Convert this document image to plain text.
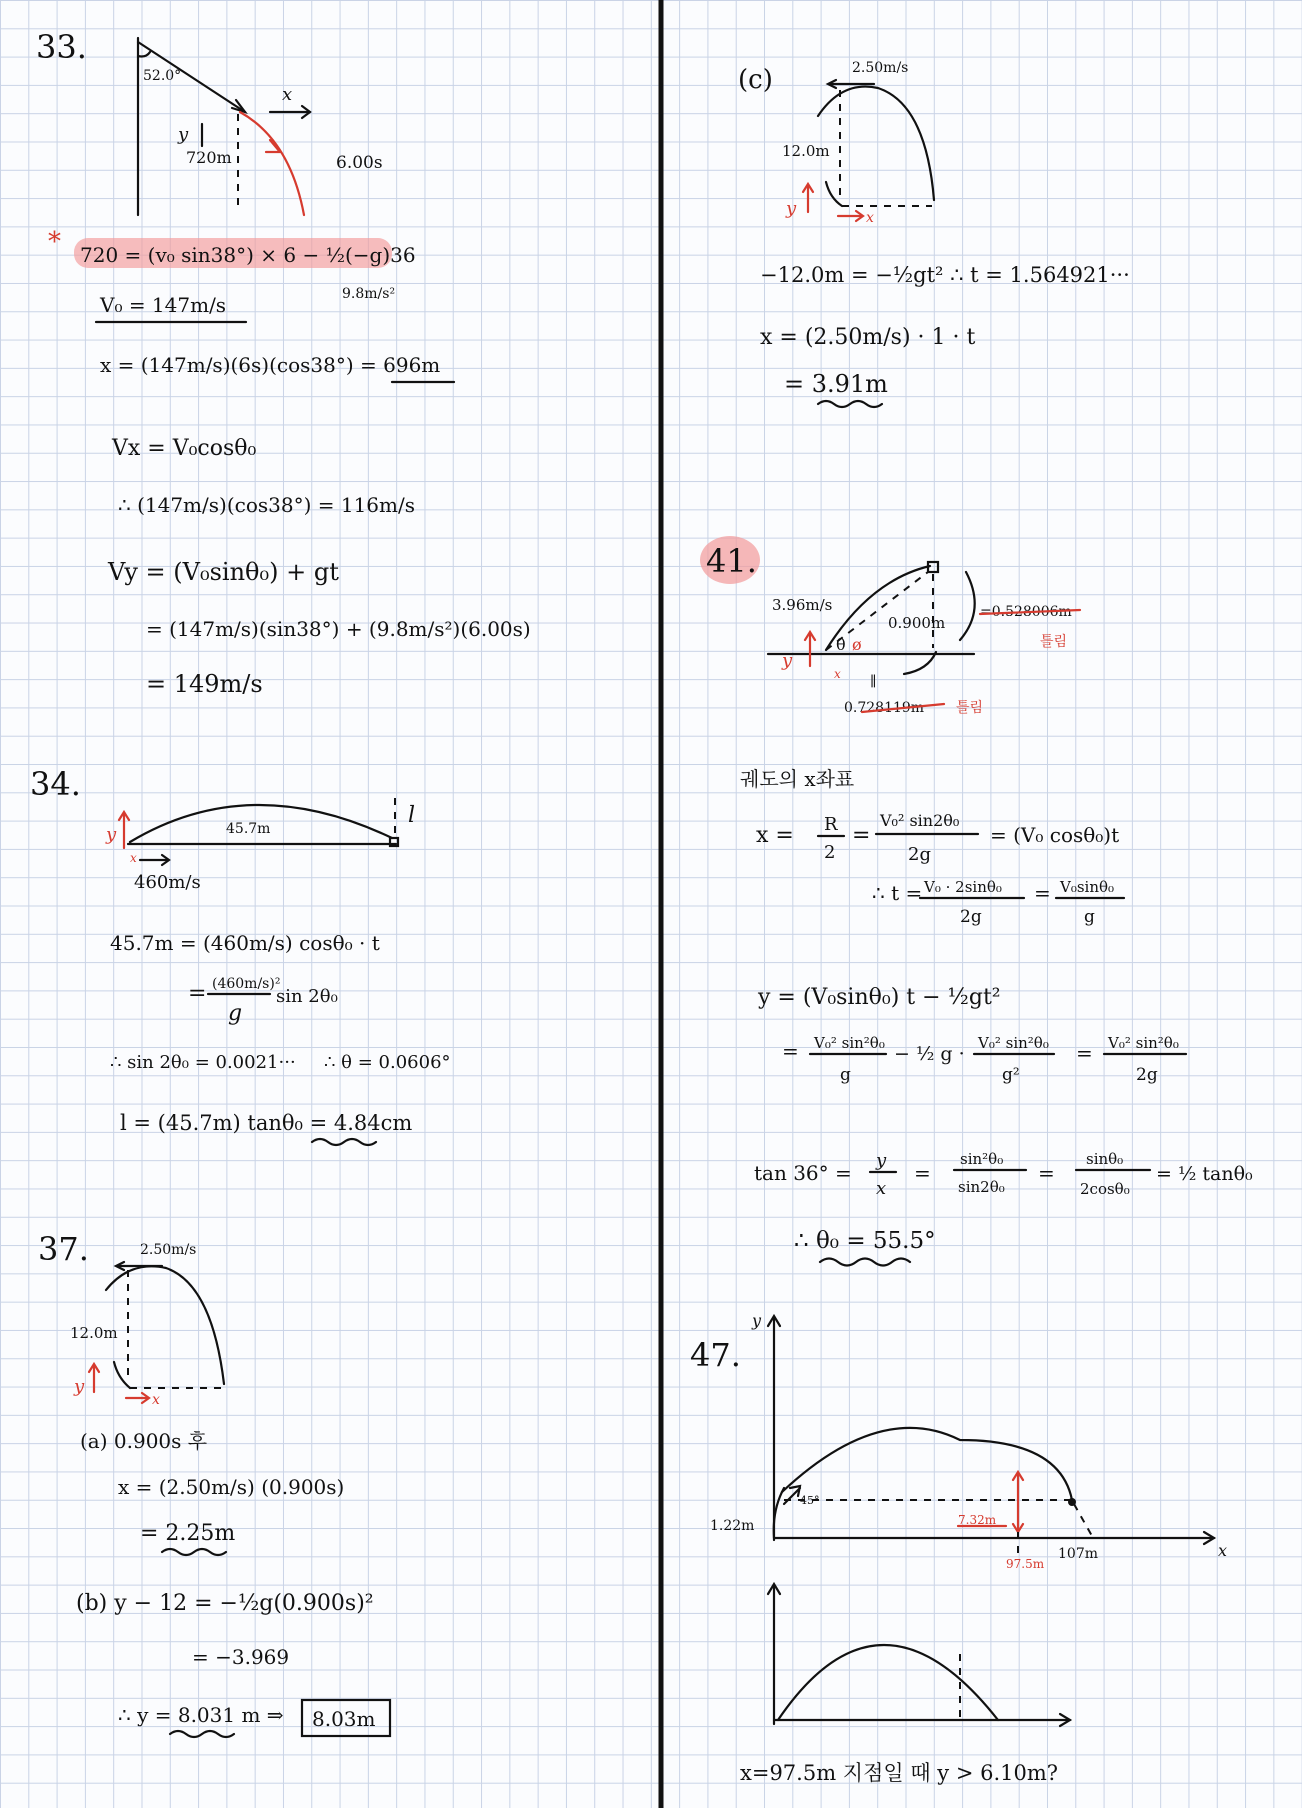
33.
52.0°
x
y
720m	6.00s
* 720 = (v₀ sin38°) × 6 − ½(−g)36
9.8m/s²
V₀ = 147m/s
x = (147m/s)(6s)(cos38°) = 696m
Vx = V₀cosθ₀
∴ (147m/s)(cos38°) = 116m/s
Vy = (V₀sinθ₀) + gt
= (147m/s)(sin38°) + (9.8m/s²)(6.00s)
= 149m/s
34.
l
45.7m
y
x
460m/s
45.7m = (460m/s) cosθ₀ · t
= (460m/s)²
g
sin 2θ₀
∴ sin 2θ₀ = 0.0021··· ∴ θ = 0.0606°
l = (45.7m) tanθ₀ = 4.84cm
37.	2.50m/s
12.0m
y
x
(a) 0.900s 후
x = (2.50m/s) (0.900s)
= 2.25m
(b) y − 12 = −½g(0.900s)²
= −3.969
∴ y = 8.031 m ⇒ 8.03m
(c)	2.50m/s
12.0m
y	x
−12.0m = −½gt² ∴ t = 1.564921···
x = (2.50m/s) · 1 · t
= 3.91m
41.
3.96m/s
0.900m
=0.528006m
틀림
θ ø
y
x ∥
0.728119m 틀림
궤도의 x좌표
x = R
2
=
V₀² sin2θ₀
2g
= (V₀ cosθ₀)t
∴ t = V₀ · 2sinθ₀
2g
= V₀sinθ₀
g
y = (V₀sinθ₀) t − ½gt²
= V₀² sin²θ₀
g
− ½ g · V₀² sin²θ₀
g²
= V₀² sin²θ₀
2g
tan 36° =
y
x
=
sin²θ₀
sin2θ₀
=
sinθ₀
2cosθ₀
= ½ tanθ₀
∴ θ₀ = 55.5°
47.
y
x
1.22m
45°
7.32m
97.5m
107m
x=97.5m 지점일 때 y > 6.10m?
